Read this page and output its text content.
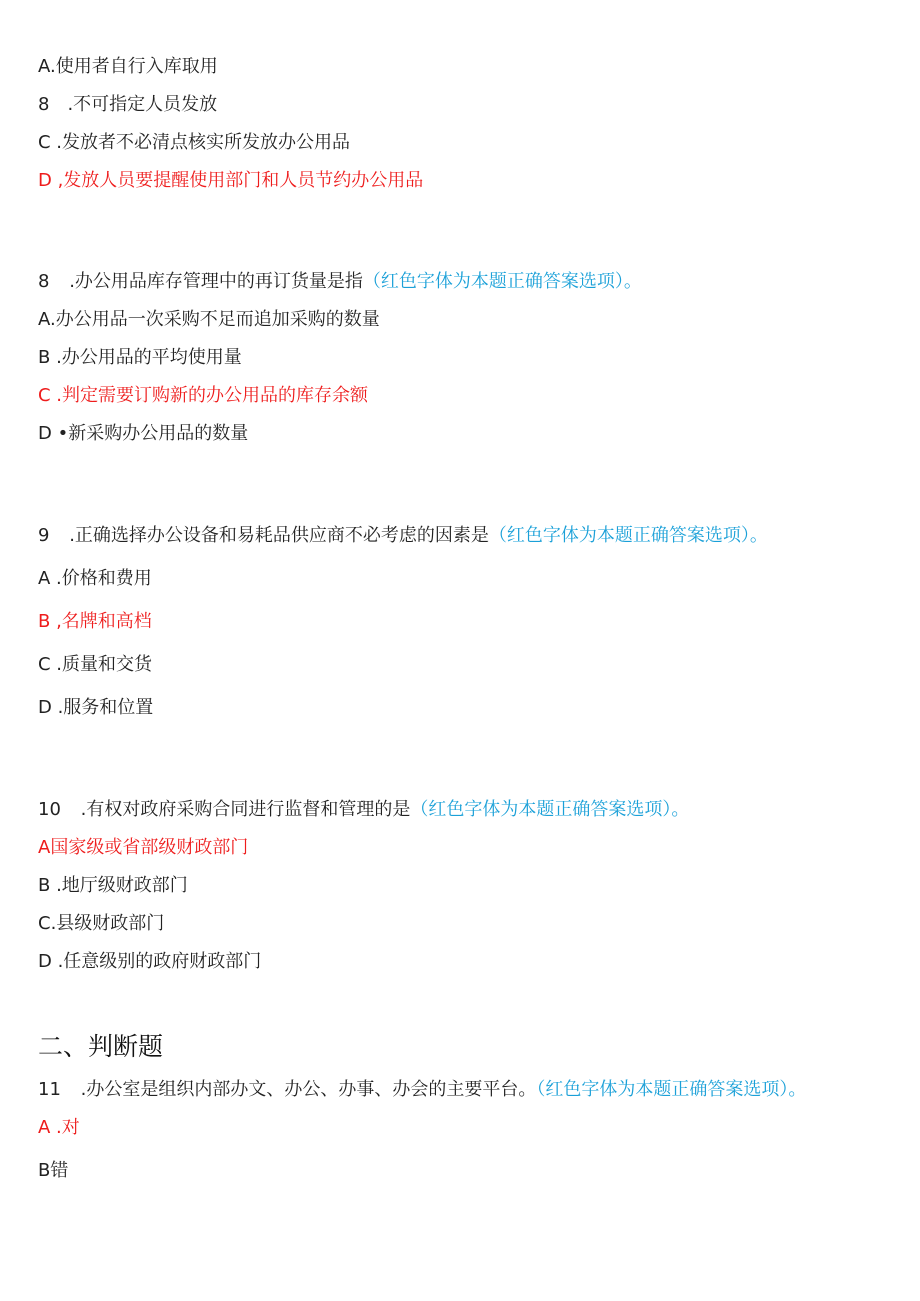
A.使用者自行入库取用
8　.不可指定人员发放
C .发放者不必清点核实所发放办公用品
D ,发放人员要提醒使用部门和人员节约办公用品
8 .办公用品库存管理中的再订货量是指（红色字体为本题正确答案选项）。
A.办公用品一次采购不足而追加采购的数量
B .办公用品的平均使用量
C .判定需要订购新的办公用品的库存余额
D •新采购办公用品的数量
9 .正确选择办公设备和易耗品供应商不必考虑的因素是（红色字体为本题正确答案选项）。
A .价格和费用
B ,名牌和高档
C .质量和交货
D .服务和位置
10 .有权对政府采购合同进行监督和管理的是（红色字体为本题正确答案选项）。
A国家级或省部级财政部门
B .地厅级财政部门
C.县级财政部门
D .任意级别的政府财政部门
二、判断题
11 .办公室是组织内部办文、办公、办事、办会的主要平台。（红色字体为本题正确答案选项）。
A .对
B错
